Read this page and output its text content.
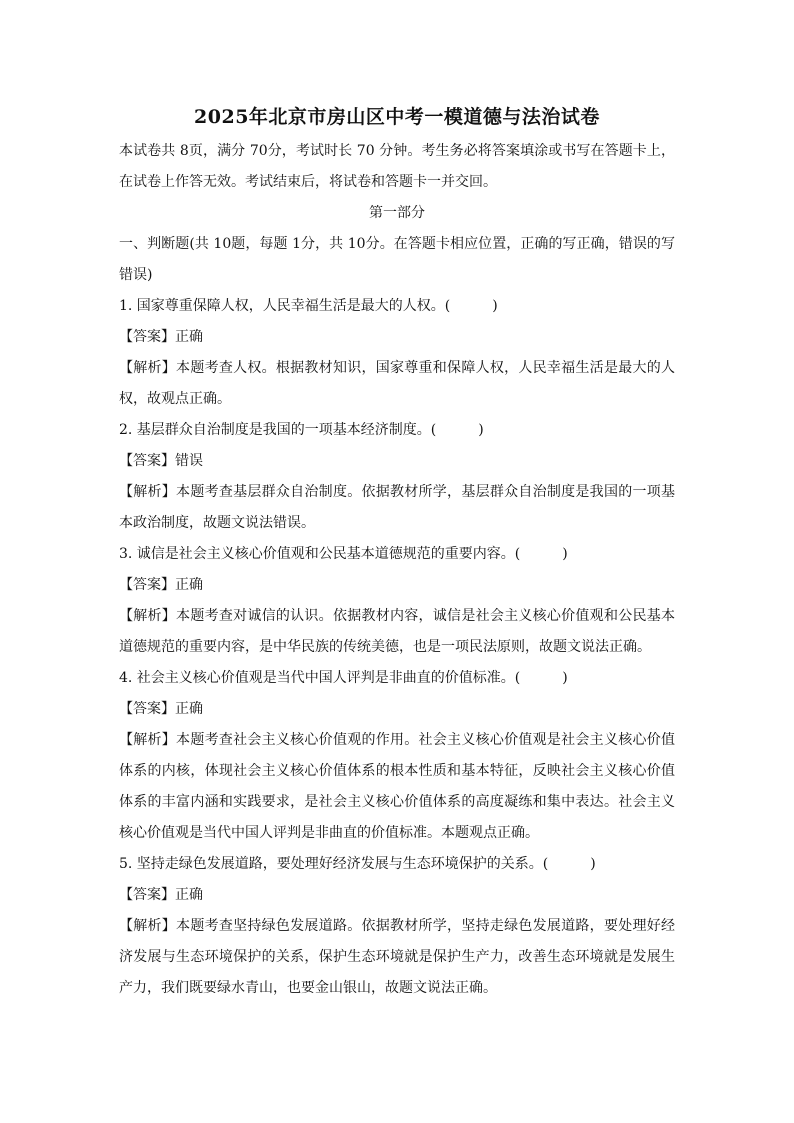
2025年北京市房山区中考一模道德与法治试卷

本试卷共 8页，满分 70分，考试时长 70 分钟。考生务必将答案填涂或书写在答题卡上，在试卷上作答无效。考试结束后，将试卷和答题卡一并交回。

第一部分

一、判断题(共 10题，每题 1分，共 10分。在答题卡相应位置，正确的写正确，错误的写错误)

1. 国家尊重保障人权，人民幸福生活是最大的人权。(　　　)

【答案】正确

【解析】本题考查人权。根据教材知识，国家尊重和保障人权，人民幸福生活是最大的人权，故观点正确。

2. 基层群众自治制度是我国的一项基本经济制度。(　　　)

【答案】错误

【解析】本题考查基层群众自治制度。依据教材所学，基层群众自治制度是我国的一项基本政治制度，故题文说法错误。

3. 诚信是社会主义核心价值观和公民基本道德规范的重要内容。(　　　)

【答案】正确

【解析】本题考查对诚信的认识。依据教材内容，诚信是社会主义核心价值观和公民基本道德规范的重要内容，是中华民族的传统美德，也是一项民法原则，故题文说法正确。

4. 社会主义核心价值观是当代中国人评判是非曲直的价值标准。(　　　)

【答案】正确

【解析】本题考查社会主义核心价值观的作用。社会主义核心价值观是社会主义核心价值体系的内核，体现社会主义核心价值体系的根本性质和基本特征，反映社会主义核心价值体系的丰富内涵和实践要求，是社会主义核心价值体系的高度凝练和集中表达。社会主义核心价值观是当代中国人评判是非曲直的价值标准。本题观点正确。

5. 坚持走绿色发展道路，要处理好经济发展与生态环境保护的关系。(　　　)

【答案】正确

【解析】本题考查坚持绿色发展道路。依据教材所学，坚持走绿色发展道路，要处理好经济发展与生态环境保护的关系，保护生态环境就是保护生产力，改善生态环境就是发展生产力，我们既要绿水青山，也要金山银山，故题文说法正确。
